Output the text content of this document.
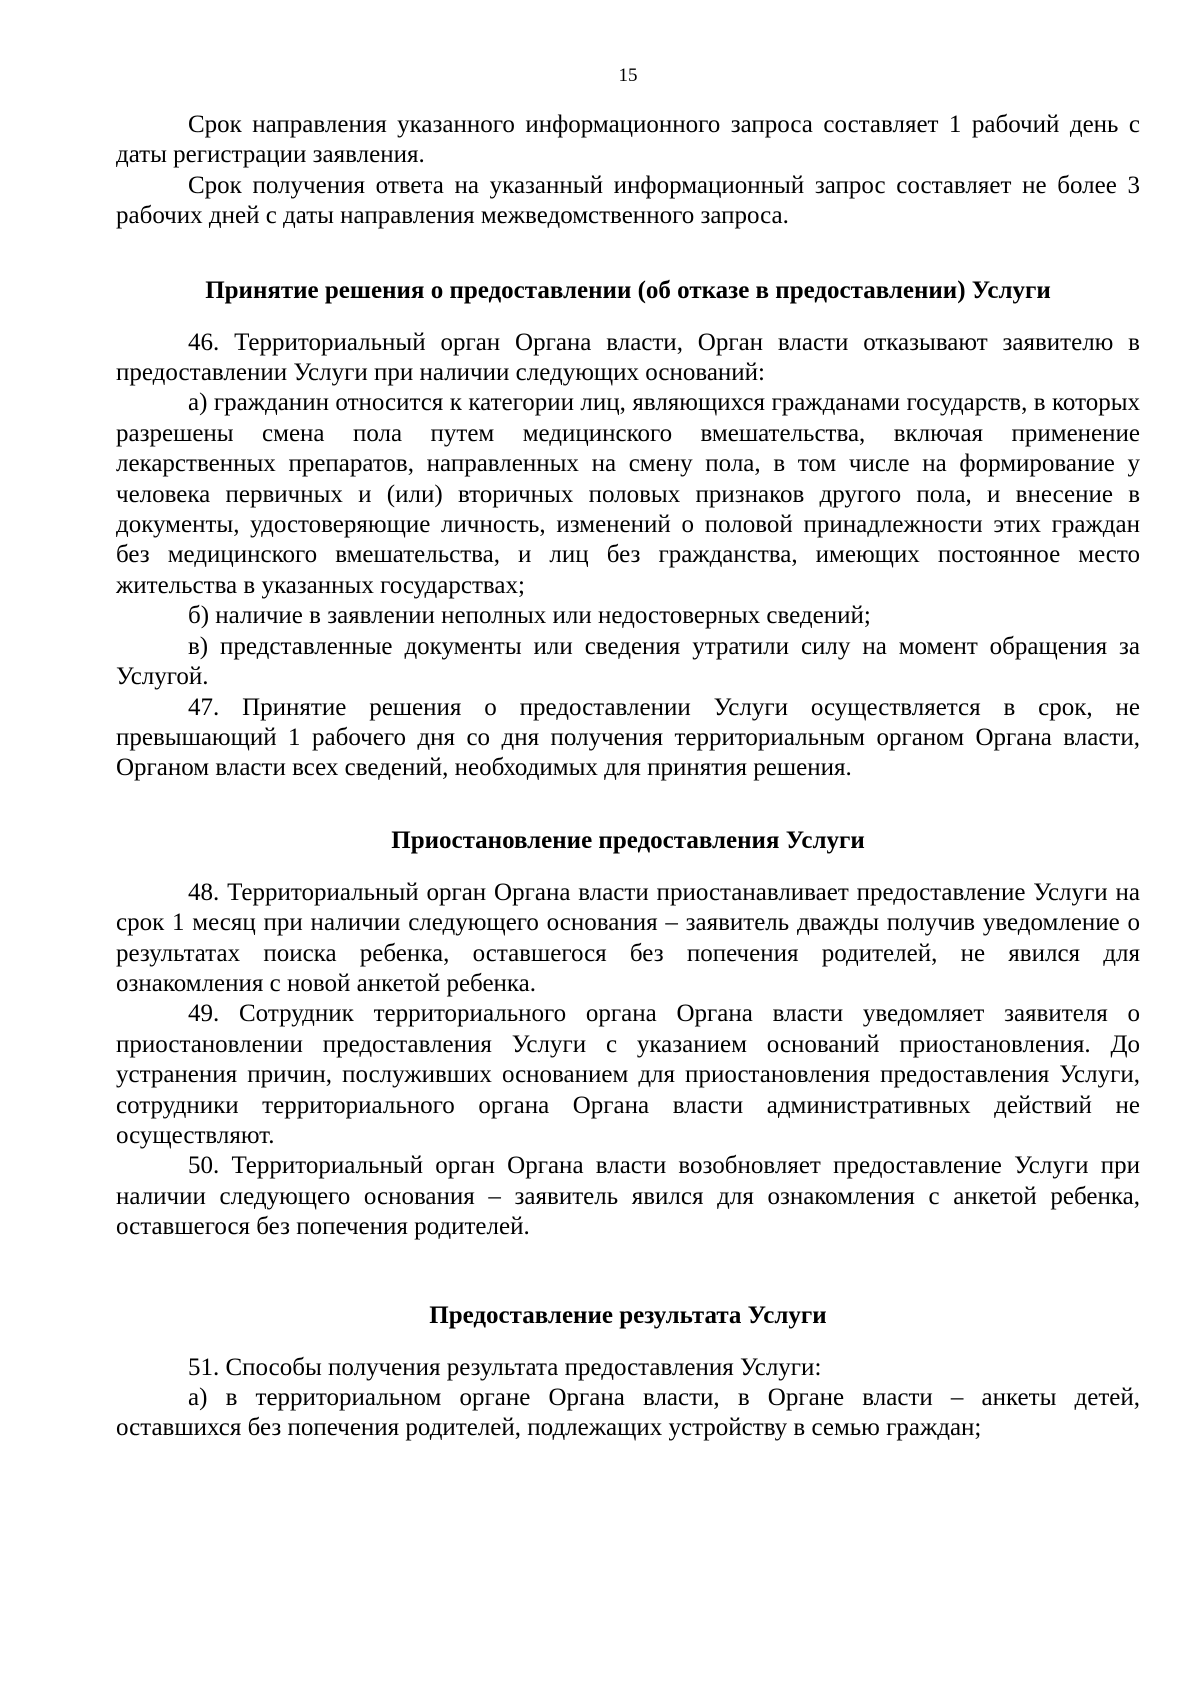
15

Срок направления указанного информационного запроса составляет 1 рабочий день с даты регистрации заявления.

Срок получения ответа на указанный информационный запрос составляет не более 3 рабочих дней с даты направления межведомственного запроса.

Принятие решения о предоставлении (об отказе в предоставлении) Услуги

46. Территориальный орган Органа власти, Орган власти отказывают заявителю в предоставлении Услуги при наличии следующих оснований:

а) гражданин относится к категории лиц, являющихся гражданами государств, в которых разрешены смена пола путем медицинского вмешательства, включая применение лекарственных препаратов, направленных на смену пола, в том числе на формирование у человека первичных и (или) вторичных половых признаков другого пола, и внесение в документы, удостоверяющие личность, изменений о половой принадлежности этих граждан без медицинского вмешательства, и лиц без гражданства, имеющих постоянное место жительства в указанных государствах;

б) наличие в заявлении неполных или недостоверных сведений;

в) представленные документы или сведения утратили силу на момент обращения за Услугой.

47. Принятие решения о предоставлении Услуги осуществляется в срок, не превышающий 1 рабочего дня со дня получения территориальным органом Органа власти, Органом власти всех сведений, необходимых для принятия решения.

Приостановление предоставления Услуги

48. Территориальный орган Органа власти приостанавливает предоставление Услуги на срок 1 месяц при наличии следующего основания – заявитель дважды получив уведомление о результатах поиска ребенка, оставшегося без попечения родителей, не явился для ознакомления с новой анкетой ребенка.

49. Сотрудник территориального органа Органа власти уведомляет заявителя о приостановлении предоставления Услуги с указанием оснований приостановления. До устранения причин, послуживших основанием для приостановления предоставления Услуги, сотрудники территориального органа Органа власти административных действий не осуществляют.

50. Территориальный орган Органа власти возобновляет предоставление Услуги при наличии следующего основания – заявитель явился для ознакомления с анкетой ребенка, оставшегося без попечения родителей.

Предоставление результата Услуги

51. Способы получения результата предоставления Услуги:

а) в территориальном органе Органа власти, в Органе власти – анкеты детей, оставшихся без попечения родителей, подлежащих устройству в семью граждан;
